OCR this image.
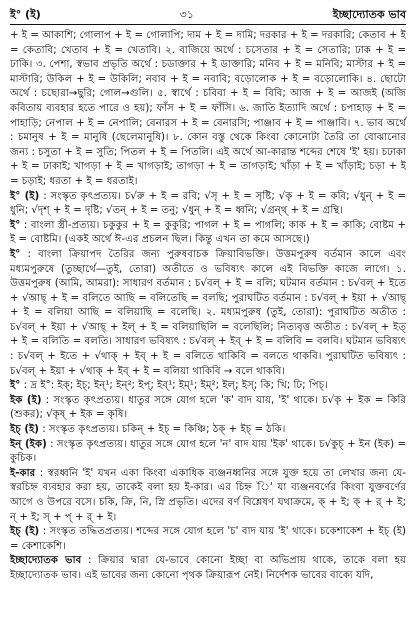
ই° (ই)	৩১	ইচ্ছাদ্যোতক ভাব

+ ই = আকাশি; গোলাপ + ই = গোলাপি; দাম + ই = দামি; দরকার + ই = দরকারি; কেতাব + ই = কেতাবি; খেতাব + ই = খেতাবি। ২. বাজিয়ে অর্থে : চসেতার + ই = সেতারি; ঢাক + ই = ঢাকি। ৩. পেশা, স্বভাব প্রভৃতি অর্থে : চডাক্তার + ই ডাক্তারি; মনিব + ই = মনিবি; মাস্টার + ই = মাস্টারি; উকিল + ই = উকিলি; নবাব + ই = নবাবি; বড়োলোক + ই = বড়োলোকি। ৪. ছোটো অর্থে : চছোরা→ছুরি; গোল→গুলি। ৫. স্বার্থে : চবিবা + ই = বিবি; আজ + ই = আজই (অজি কবিতায় ব্যবহার হতে পারে ও হয়); ফাঁস + ই = ফাঁসি। ৬. জাতি ইত্যাদি অর্থে : চপাহাড় + ই = পাহাড়ি; নেপাল + ই = নেপালি; বেনারস + ই = বেনারসি; পাঞ্জাব + ই = পাঞ্জাবি। ৭. ভাব অর্থে : চমানুষ + ই = মানুষি (ছেলেমানুষি)। ৮. কোন বস্তু থেকে কিংবা কোনোটা তৈরি তা বোঝানোর জন্য : চসুতা + ই = সুতি; পিতল + ই = পিতলি। এই অর্থে আ-কারান্ত শব্দের শেষে 'ই' হয়। চঢাকা + ই = ঢাকাই; খাগড়া + ই = খাগড়াই; তাগড়া + ই = তাগড়াই; খাঁড়া + ই = খাঁড়াই; চড়া + ই = চড়াই; ধরতা + ই = ধরতাই।

ই° (ই) : সংস্কৃত কৃৎপ্রত্যয়। চ√রু + ই = রবি; √সৃ + ই = সৃষ্টি; √কৃ + ই = কবি; √ধুন্ + ই = ধুনি; √দৃশ্ + ই = দৃষ্টি; √তন্ + ই = তনু; √ধুন্ + ই = ধ্বনি; √গ্রন্থ্ + ই = গ্রন্থি।

ই° : বাংলা স্ত্রী-প্রত্যয়। চকুকুর + ই = কুকুরি; পাগল + ই = পাগলি; কাক + ই = কাকি; বোষ্টম + ই = বোষ্টমি। (একই অর্থে ঈ-এর প্রচলন ছিল। কিন্তু এখন তা কমে আসছে।)

ই° : বাংলা ক্রিয়াপদ তৈরির জন্য পুরুষবাচক ক্রিয়াবিভক্তি। উত্তমপুরুষ বর্তমান কালে এবং মধ্যমপুরুষে (তুচ্ছার্থে—তুই, তোরা) অতীতে ও ভবিষ্যৎ কালে এই বিভক্তি কাজে লাগে। ১. উত্তমপুরুষ (আমি, আমরা): সাধারণ বর্তমান : চ√বল্ + ই = বলি; ঘটমান বর্তমান : চ√বল্ + ইতে + √আছ্ + ই = বলিতে আছি = বলিতেছি = বলছি; পুরাঘটিত বর্তমান : চ√বল্ + ইয়া + √আছ্ + ই = বলিয়া আছি = বলিয়াছি = বলেছি। ২. মধ্যমপুরুষ (তুই, তোরা): পুরাঘটিত অতীত : চ√বল্ + ইয়া + √আছ্ + ইল্ + ই = বলিয়াছিলি = বলেছিলি; নিত্যবৃত্ত অতীত : চ√বল্ + ইত্ + ই = বলিতি = বলতি। সাধারণ ভবিষ্যৎ : চ√বল্ + ইব্ + ই = বলিবি = বলবি। ঘটমান ভবিষ্যৎ : চ√বল্ + ইতে + √থাক্ + ইব্ + ই = বলিতে থাকিবি = বলতে থাকবি। পুরাঘটিত ভবিষ্যৎ : চ√বল্ + ইয়া + √থাক্ + ইব্ + ই = বলিয়া থাকিবি → বলে থাকবি।

ই° : দ্র ই°: ইক্; ইচ্; ইন্¹; ইন্²; ইপ্; ইব্¹; ইম্¹; ইম্²; ইল্; ইস্; কি; খি; ঢি; পিচ্।

ইক (ই) : সংস্কৃত কৃৎপ্রত্যয়। ধাতুর সঙ্গে যোগ হলে 'ক' বাদ যায়, 'ই' থাকে। চ√কৃ + ইক = কিরি (শুকর); √কৃষ্ + ইক = কৃষি।

ইচ্ (ই) : সংস্কৃত কৃৎপ্রত্যয়। চকিন্ + ইচ্ = কিঞ্চি; ঠক্ + ইচ্ = ঠকি।

ইন্ (ইক) : সংস্কৃত কৃৎপ্রত্যয়। ধাতুর সঙ্গে যোগ হলে 'ন' বাদ যায় 'ইক' থাকে। চ√কুচ্ + ইন (ইক) = কুচিক।

ই-কার : স্বরধ্বনি 'ই' যখন একা কিংবা একাধিক ব্যঞ্জনধ্বনির সঙ্গে যুক্ত হয়ে তা লেখার জন্য যে-স্বরচিহ্ন ব্যবহার করা হয়, তাকেই বলা হয় ই-কার। এর চিহ্ন 'ি' যা ব্যঞ্জনবর্ণের কিংবা যুক্তবর্ণের আগে ও উপরে বসে। চকি, ক্রি, নি, স্নি প্রভৃতি। এদের বর্ণ বিশ্লেষণ যথাক্রমে, ক্ + ই; ক্ + র্ + ই; ন্ + ই; স্ + প্ + র্ + ই।

ইচ্ (ই) : সংস্কৃত তদ্ধিতপ্রত্যয়। শব্দের সঙ্গে যোগ হলে 'চ' বাদ যায় 'ই' থাকে। চকেশাকেশ + ইচ্ (ই) = কেশাকেশি।

ইচ্ছাদ্যোতক ভাব : ক্রিয়ার দ্বারা যে-ভাবে কোনো ইচ্ছা বা অভিপ্রায় থাকে, তাকে বলা হয় ইচ্ছাদ্যোতক ভাব। এই ভাবের জন্য কোনো পৃথক ক্রিয়ারূপ নেই। নির্দেশক ভাবের বাক্যে যদি,
